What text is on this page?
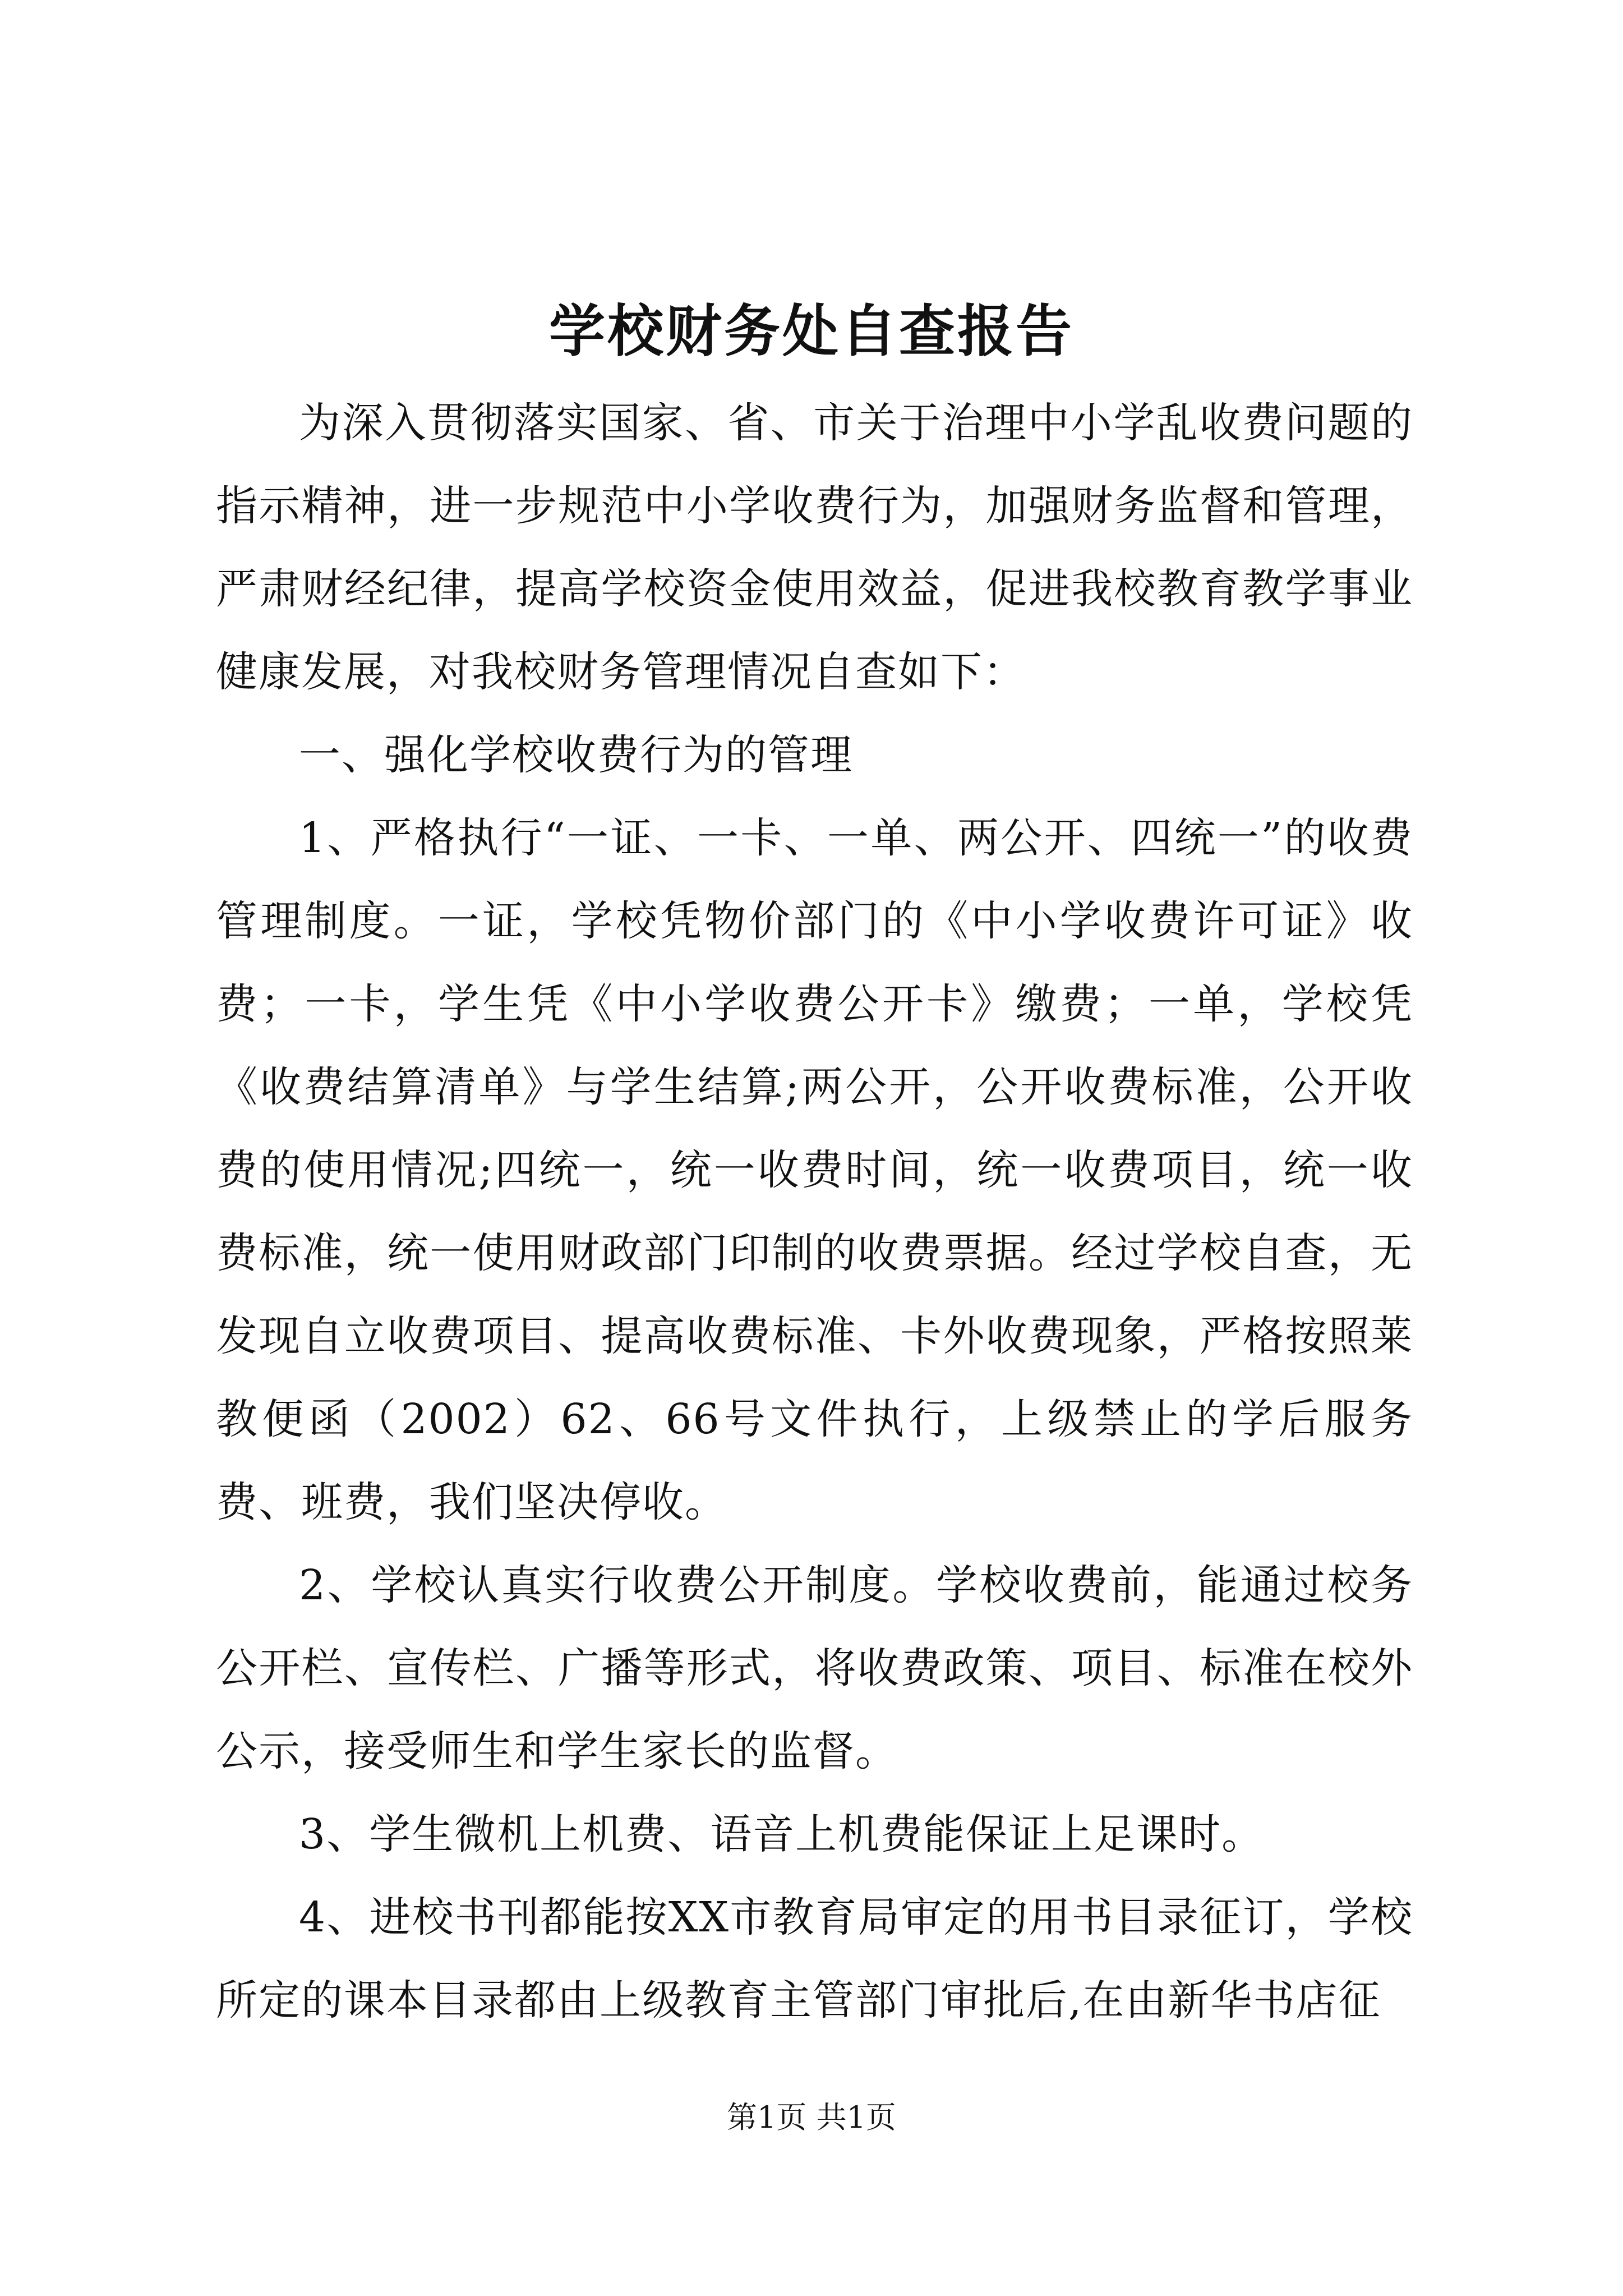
学校财务处自查报告

为深入贯彻落实国家、省、市关于治理中小学乱收费问题的指示精神，进一步规范中小学收费行为，加强财务监督和管理，严肃财经纪律，提高学校资金使用效益，促进我校教育教学事业健康发展，对我校财务管理情况自查如下：

一、强化学校收费行为的管理

1、严格执行“一证、一卡、一单、两公开、四统一”的收费管理制度。一证，学校凭物价部门的《中小学收费许可证》收费；一卡，学生凭《中小学收费公开卡》缴费；一单，学校凭《收费结算清单》与学生结算;两公开，公开收费标准，公开收费的使用情况;四统一，统一收费时间，统一收费项目，统一收费标准，统一使用财政部门印制的收费票据。经过学校自查，无发现自立收费项目、提高收费标准、卡外收费现象，严格按照莱教便函（2002）62、66号文件执行，上级禁止的学后服务费、班费，我们坚决停收。

2、学校认真实行收费公开制度。学校收费前，能通过校务公开栏、宣传栏、广播等形式，将收费政策、项目、标准在校外公示，接受师生和学生家长的监督。

3、学生微机上机费、语音上机费能保证上足课时。

4、进校书刊都能按XX市教育局审定的用书目录征订，学校所定的课本目录都由上级教育主管部门审批后,在由新华书店征

第1页 共1页
